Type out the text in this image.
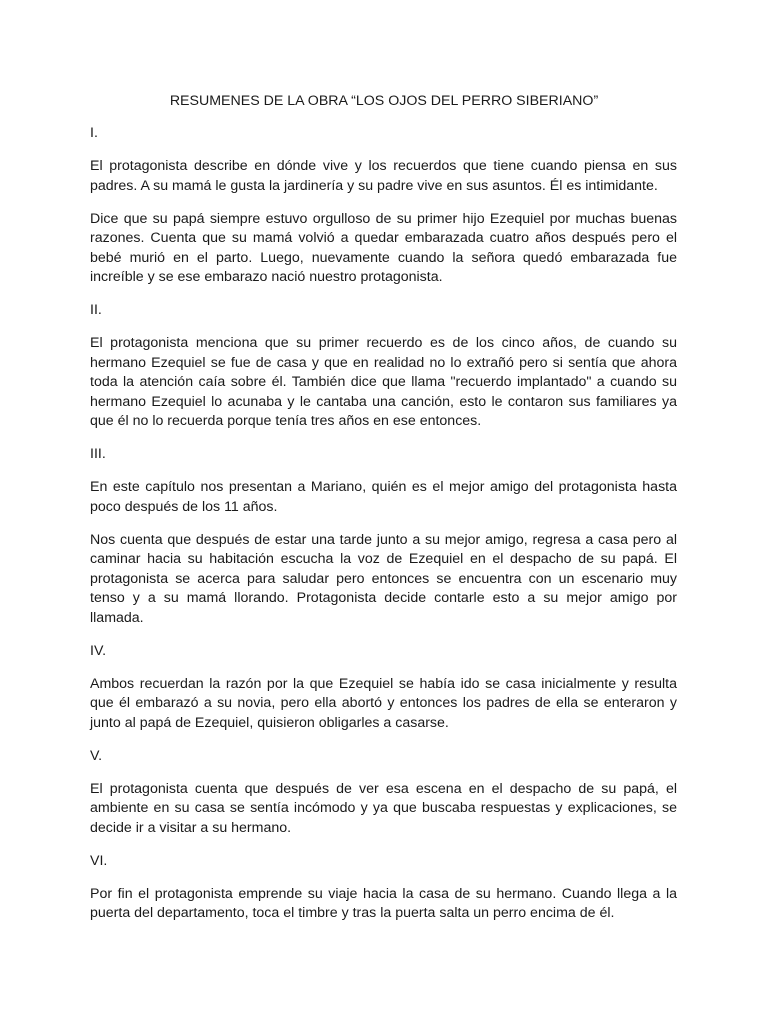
RESUMENES DE LA OBRA “LOS OJOS DEL PERRO SIBERIANO”

I.

El protagonista describe en dónde vive y los recuerdos que tiene cuando piensa en sus padres. A su mamá le gusta la jardinería y su padre vive en sus asuntos. Él es intimidante.

Dice que su papá siempre estuvo orgulloso de su primer hijo Ezequiel por muchas buenas razones. Cuenta que su mamá volvió a quedar embarazada cuatro años después pero el bebé murió en el parto. Luego, nuevamente cuando la señora quedó embarazada fue increíble y se ese embarazo nació nuestro protagonista.

II.

El protagonista menciona que su primer recuerdo es de los cinco años, de cuando su hermano Ezequiel se fue de casa y que en realidad no lo extrañó pero si sentía que ahora toda la atención caía sobre él. También dice que llama "recuerdo implantado" a cuando su hermano Ezequiel lo acunaba y le cantaba una canción, esto le contaron sus familiares ya que él no lo recuerda porque tenía tres años en ese entonces.

III.

En este capítulo nos presentan a Mariano, quién es el mejor amigo del protagonista hasta poco después de los 11 años.

Nos cuenta que después de estar una tarde junto a su mejor amigo, regresa a casa pero al caminar hacia su habitación escucha la voz de Ezequiel en el despacho de su papá. El protagonista se acerca para saludar pero entonces se encuentra con un escenario muy tenso y a su mamá llorando. Protagonista decide contarle esto a su mejor amigo por llamada.

IV.

Ambos recuerdan la razón por la que Ezequiel se había ido se casa inicialmente y resulta que él embarazó a su novia, pero ella abortó y entonces los padres de ella se enteraron y junto al papá de Ezequiel, quisieron obligarles a casarse.

V.

El protagonista cuenta que después de ver esa escena en el despacho de su papá, el ambiente en su casa se sentía incómodo y ya que buscaba respuestas y explicaciones, se decide ir a visitar a su hermano.

VI.

Por fin el protagonista emprende su viaje hacia la casa de su hermano. Cuando llega a la puerta del departamento, toca el timbre y tras la puerta salta un perro encima de él.
